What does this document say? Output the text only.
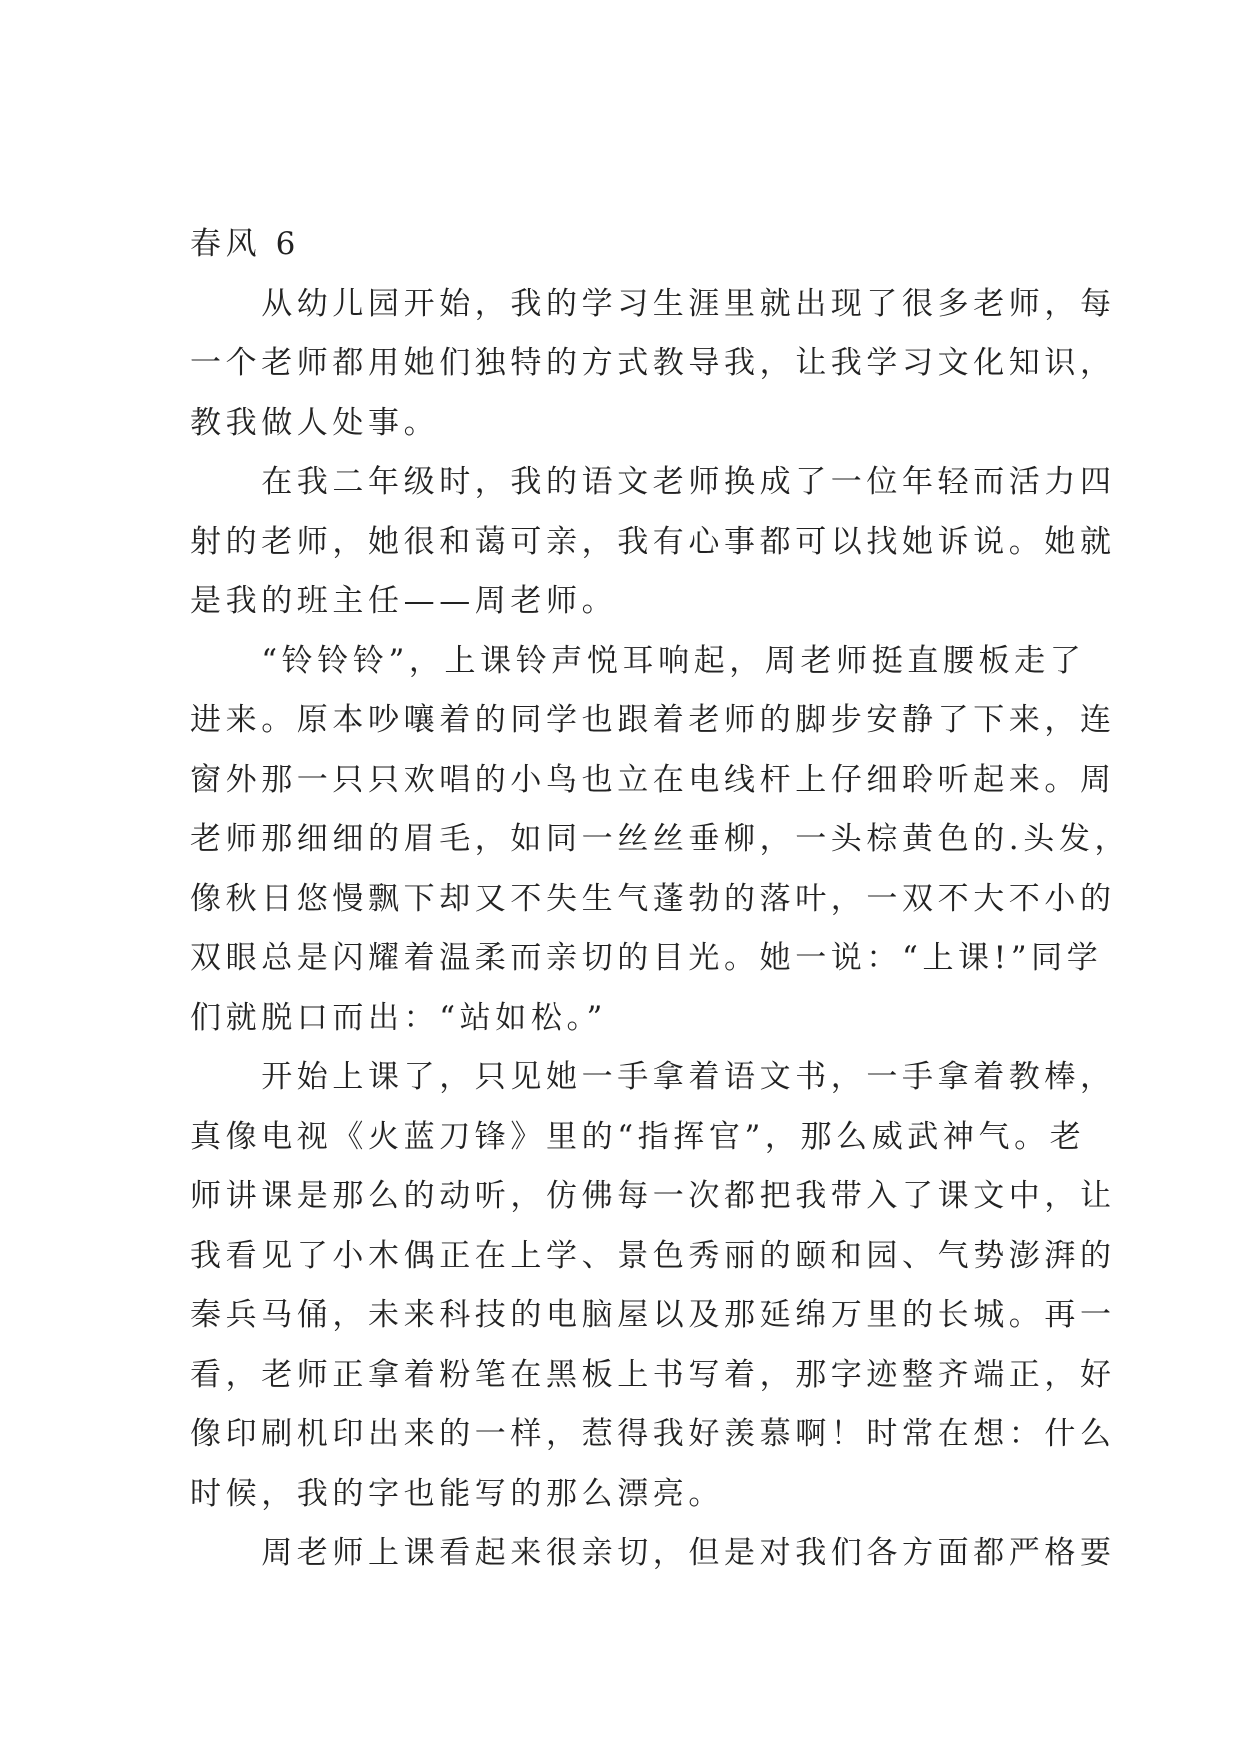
春风 6
　　从幼儿园开始，我的学习生涯里就出现了很多老师，每
一个老师都用她们独特的方式教导我，让我学习文化知识，
教我做人处事。
　　在我二年级时，我的语文老师换成了一位年轻而活力四
射的老师，她很和蔼可亲，我有心事都可以找她诉说。她就
是我的班主任——周老师。
　　“铃铃铃”，上课铃声悦耳响起，周老师挺直腰板走了
进来。原本吵嚷着的同学也跟着老师的脚步安静了下来，连
窗外那一只只欢唱的小鸟也立在电线杆上仔细聆听起来。周
老师那细细的眉毛，如同一丝丝垂柳，一头棕黄色的.头发，
像秋日悠慢飘下却又不失生气蓬勃的落叶，一双不大不小的
双眼总是闪耀着温柔而亲切的目光。她一说：“上课!”同学
们就脱口而出：“站如松。”
　　开始上课了，只见她一手拿着语文书，一手拿着教棒，
真像电视《火蓝刀锋》里的“指挥官”，那么威武神气。老
师讲课是那么的动听，仿佛每一次都把我带入了课文中，让
我看见了小木偶正在上学、景色秀丽的颐和园、气势澎湃的
秦兵马俑，未来科技的电脑屋以及那延绵万里的长城。再一
看，老师正拿着粉笔在黑板上书写着，那字迹整齐端正，好
像印刷机印出来的一样，惹得我好羡慕啊！时常在想：什么
时候，我的字也能写的那么漂亮。
　　周老师上课看起来很亲切，但是对我们各方面都严格要
